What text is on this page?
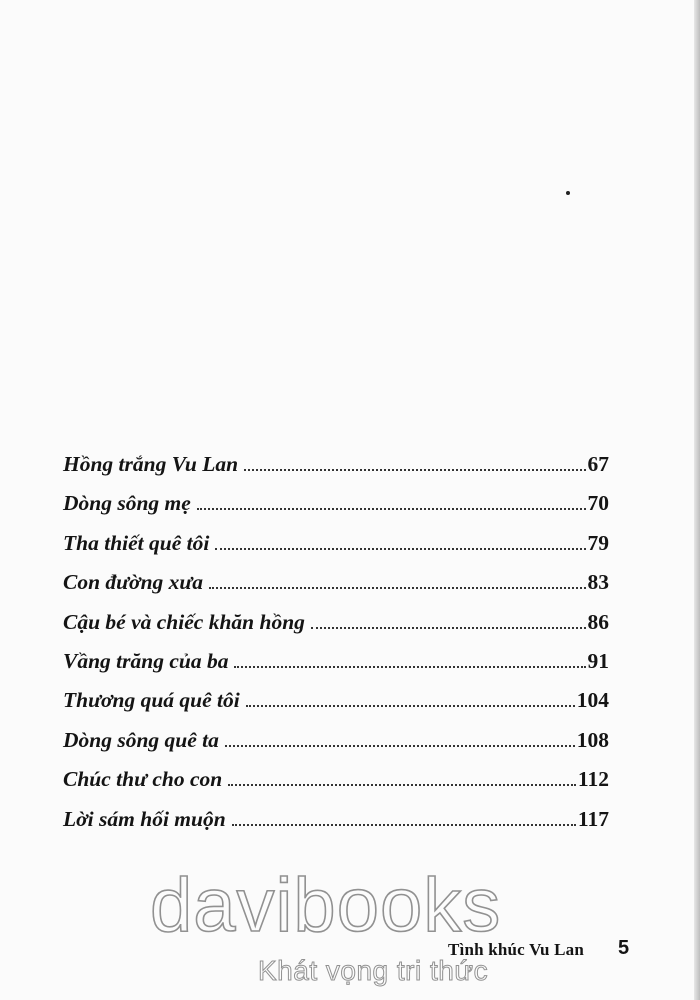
Hồng trắng Vu Lan	67
Dòng sông mẹ	70
Tha thiết quê tôi	79
Con đường xưa	83
Cậu bé và chiếc khăn hồng	86
Vầng trăng của ba	91
Thương quá quê tôi	104
Dòng sông quê ta	108
Chúc thư cho con	112
Lời sám hối muộn	117
davibooks
Khát vọng tri thức
Tình khúc Vu Lan 5
